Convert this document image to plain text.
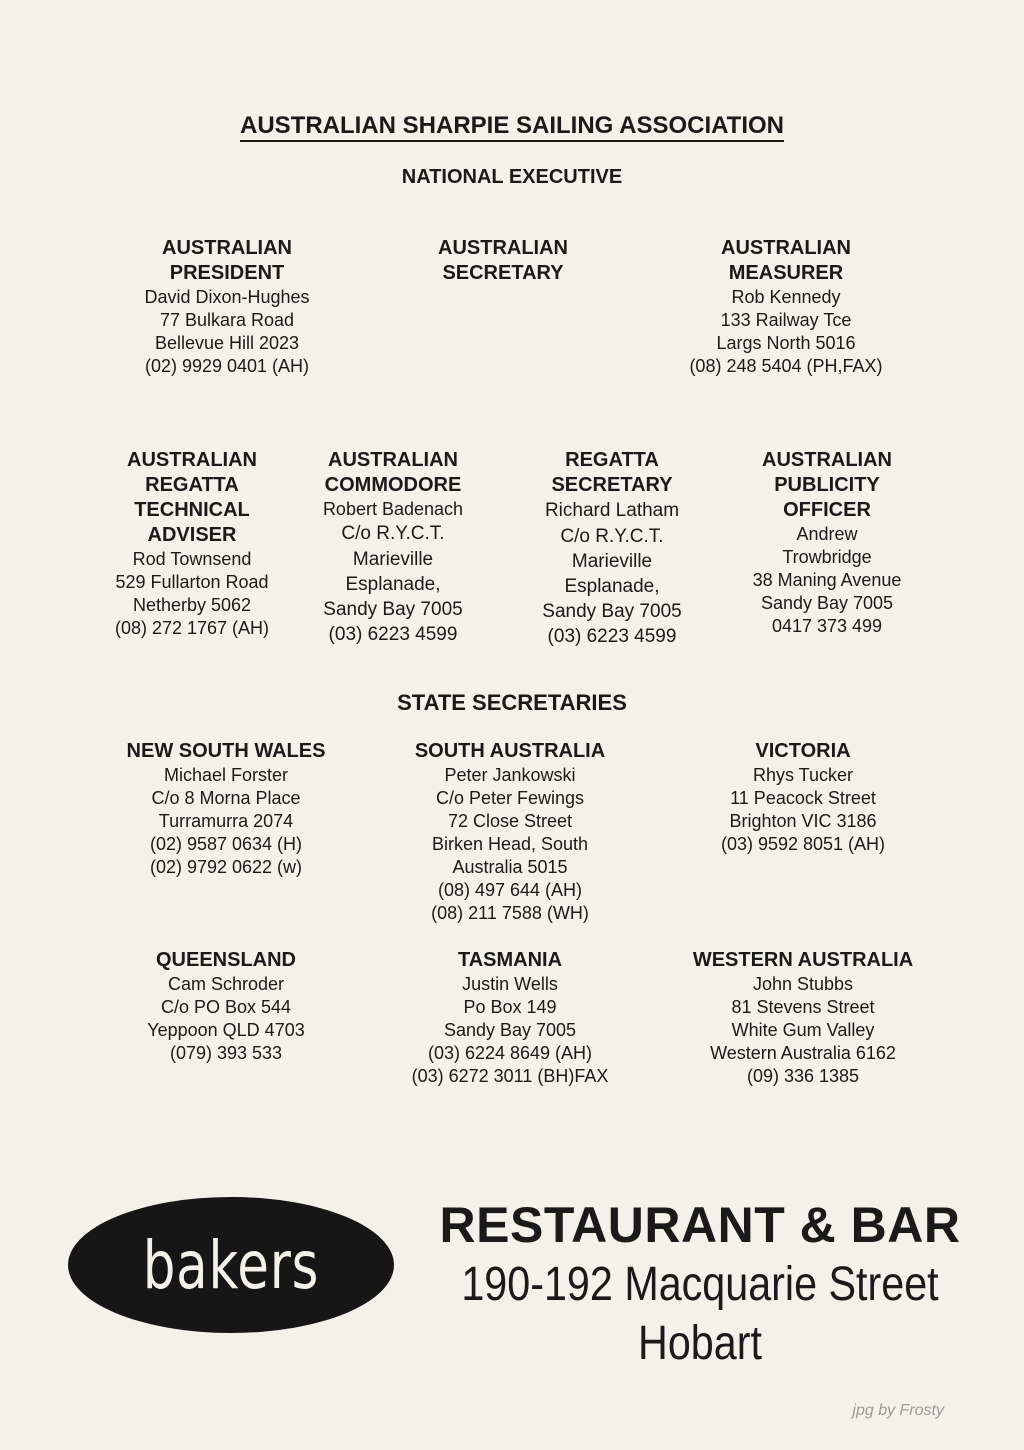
AUSTRALIAN SHARPIE SAILING ASSOCIATION
NATIONAL EXECUTIVE
AUSTRALIAN
PRESIDENT
David Dixon-Hughes
77 Bulkara Road
Bellevue Hill 2023
(02) 9929 0401 (AH)
AUSTRALIAN
SECRETARY
AUSTRALIAN
MEASURER
Rob Kennedy
133 Railway Tce
Largs North 5016
(08) 248 5404 (PH,FAX)
AUSTRALIAN
REGATTA
TECHNICAL
ADVISER
Rod Townsend
529 Fullarton Road
Netherby 5062
(08) 272 1767 (AH)
AUSTRALIAN
COMMODORE
Robert Badenach
C/o R.Y.C.T.
Marieville
Esplanade,
Sandy Bay 7005
(03) 6223 4599
REGATTA
SECRETARY
Richard Latham
C/o R.Y.C.T.
Marieville
Esplanade,
Sandy Bay 7005
(03) 6223 4599
AUSTRALIAN
PUBLICITY
OFFICER
Andrew
Trowbridge
38 Maning Avenue
Sandy Bay 7005
0417 373 499
STATE SECRETARIES
NEW SOUTH WALES
Michael Forster
C/o 8 Morna Place
Turramurra 2074
(02) 9587 0634 (H)
(02) 9792 0622 (w)
SOUTH AUSTRALIA
Peter Jankowski
C/o Peter Fewings
72 Close Street
Birken Head, South
Australia 5015
(08) 497 644 (AH)
(08) 211 7588 (WH)
VICTORIA
Rhys Tucker
11 Peacock Street
Brighton VIC 3186
(03) 9592 8051 (AH)
QUEENSLAND
Cam Schroder
C/o PO Box 544
Yeppoon QLD 4703
(079) 393 533
TASMANIA
Justin Wells
Po Box 149
Sandy Bay 7005
(03) 6224 8649 (AH)
(03) 6272 3011 (BH)FAX
WESTERN AUSTRALIA
John Stubbs
81 Stevens Street
White Gum Valley
Western Australia 6162
(09) 336 1385
bakers
RESTAURANT & BAR
190-192 Macquarie Street
Hobart
jpg by Frosty
